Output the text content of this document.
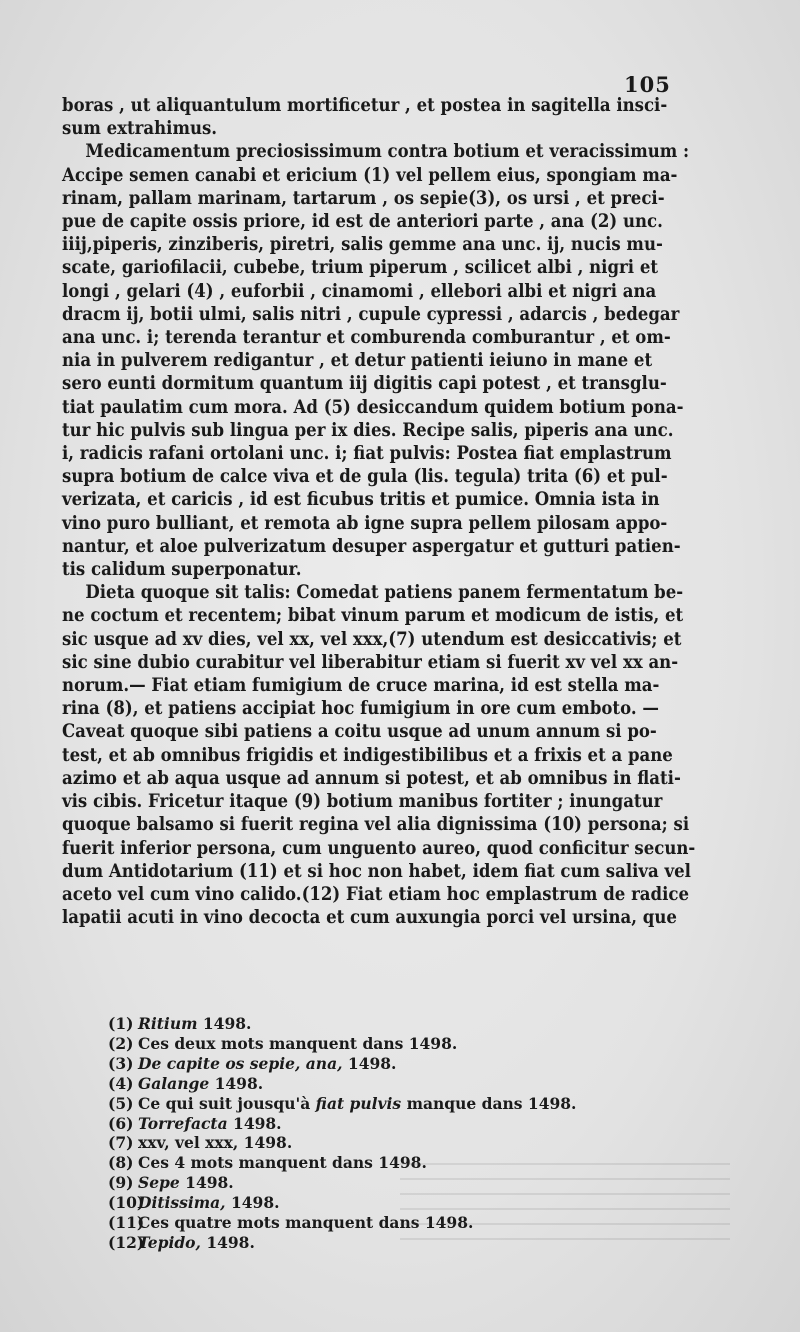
105
boras , ut aliquantulum mortificetur , et postea in sagitella insci-
sum extrahimus.
Medicamentum preciosissimum contra botium et veracissimum :
Accipe semen canabi et ericium (1) vel pellem eius, spongiam ma-
rinam, pallam marinam, tartarum , os sepie(3), os ursi , et preci-
pue de capite ossis priore, id est de anteriori parte , ana (2) unc.
iiij,piperis, zinziberis, piretri, salis gemme ana unc. ij, nucis mu-
scate, gariofilacii, cubebe, trium piperum , scilicet albi , nigri et
longi , gelari (4) , euforbii , cinamomi , ellebori albi et nigri ana
dracm ij, botii ulmi, salis nitri , cupule cypressi , adarcis , bedegar
ana unc. i; terenda terantur et comburenda comburantur , et om-
nia in pulverem redigantur , et detur patienti ieiuno in mane et
sero eunti dormitum quantum iij digitis capi potest , et transglu-
tiat paulatim cum mora. Ad (5) desiccandum quidem botium pona-
tur hic pulvis sub lingua per ix dies. Recipe salis, piperis ana unc.
i, radicis rafani ortolani unc. i; fiat pulvis: Postea fiat emplastrum
supra botium de calce viva et de gula (lis. tegula) trita (6) et pul-
verizata, et caricis , id est ficubus tritis et pumice. Omnia ista in
vino puro bulliant, et remota ab igne supra pellem pilosam appo-
nantur, et aloe pulverizatum desuper aspergatur et gutturi patien-
tis calidum superponatur.
Dieta quoque sit talis: Comedat patiens panem fermentatum be-
ne coctum et recentem; bibat vinum parum et modicum de istis, et
sic usque ad xv dies, vel xx, vel xxx,(7) utendum est desiccativis; et
sic sine dubio curabitur vel liberabitur etiam si fuerit xv vel xx an-
norum.— Fiat etiam fumigium de cruce marina, id est stella ma-
rina (8), et patiens accipiat hoc fumigium in ore cum emboto. —
Caveat quoque sibi patiens a coitu usque ad unum annum si po-
test, et ab omnibus frigidis et indigestibilibus et a frixis et a pane
azimo et ab aqua usque ad annum si potest, et ab omnibus in flati-
vis cibis. Fricetur itaque (9) botium manibus fortiter ; inungatur
quoque balsamo si fuerit regina vel alia dignissima (10) persona; si
fuerit inferior persona, cum unguento aureo, quod conficitur secun-
dum Antidotarium (11) et si hoc non habet, idem fiat cum saliva vel
aceto vel cum vino calido.(12) Fiat etiam hoc emplastrum de radice
lapatii acuti in vino decocta et cum auxungia porci vel ursina, que
(1) Ritium 1498.
(2) Ces deux mots manquent dans 1498.
(3) De capite os sepie, ana, 1498.
(4) Galange 1498.
(5) Ce qui suit jousqu'à fiat pulvis manque dans 1498.
(6) Torrefacta 1498.
(7) xxv, vel xxx, 1498.
(8) Ces 4 mots manquent dans 1498.
(9) Sepe 1498.
(10)Ditissima, 1498.
(11)Ces quatre mots manquent dans 1498.
(12)Tepido, 1498.
